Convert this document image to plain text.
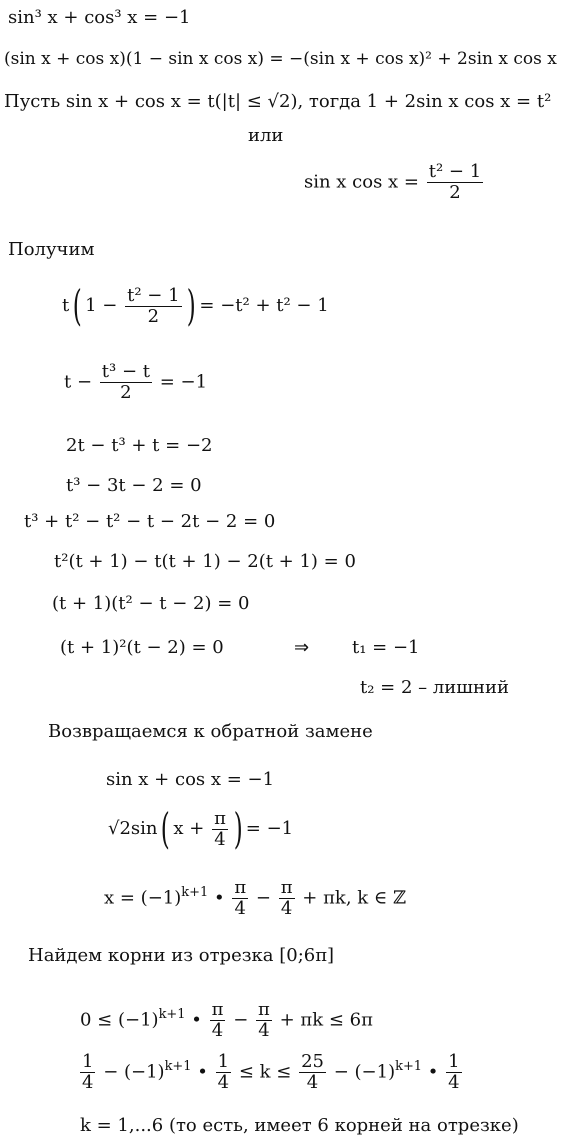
sin³ x + cos³ x = −1
(sin x + cos x)(1 − sin x cos x) = −(sin x + cos x)² + 2sin x cos x
Пусть sin x + cos x = t(|t| ≤ √2), тогда 1 + 2sin x cos x = t²
или
sin x $\cos x = \frac{\text{t² − 1}}{2}$
Получим
t ( $1 - \frac{\text{t² − 1}}{2}$ ) = −t² + t² − 1
$t - \frac{\text{t³ − t}}{2} = -1$
2t − t³ + t = −2
t³ − 3t − 2 = 0
t³ + t² − t² − t − 2t − 2 = 0
t²(t + 1) − t(t + 1) − 2(t + 1) = 0
(t + 1)(t² − t − 2) = 0
(t + 1)²(t − 2) = 0	⇒ t₁ = −1
t₂ = 2 – лишний
Возвращаемся к обратной замене
sin x + cos x = −1
√2sin ( $x + \frac{\pi}{4}$ ) = −1
$x = (-1)^{k+1}$ • $\frac{\pi}{4} - \frac{\pi}{4} + \pi k$, k ∈ ℤ
Найдем корни из отрезка [0;6π]
$0 \le (-1)^{k+1}$ • $\frac{\pi}{4} - \frac{\pi}{4} + \pi k \le 6\pi$
$\frac{1}{4} - (-1)^{k+1}$ • $\frac{1}{4} \le k \le \frac{25}{4} - (-1)^{k+1}$ • $\frac{1}{4}$
k = 1,...6 (то есть, имеет 6 корней на отрезке)
